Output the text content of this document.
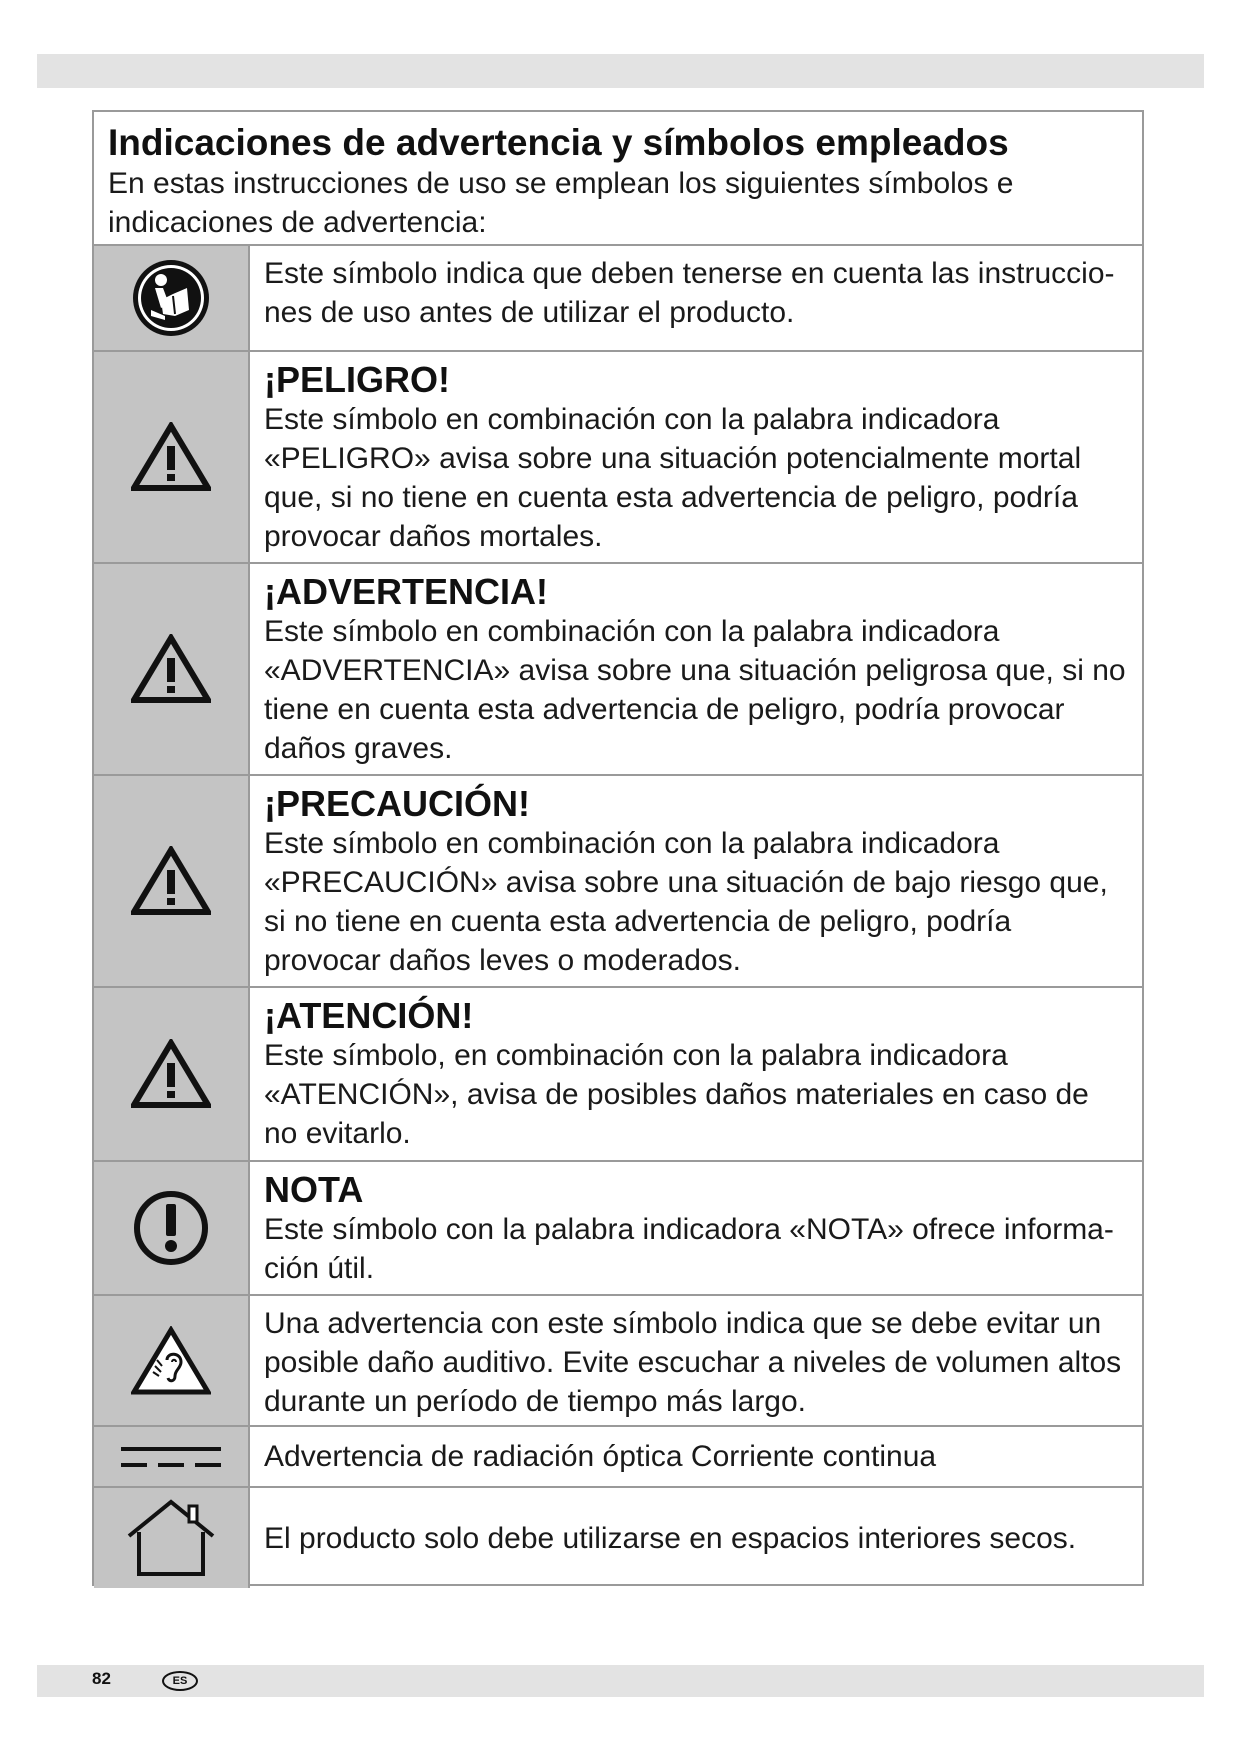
Indicaciones de advertencia y símbolos empleados

En estas instrucciones de uso se emplean los siguientes símbolos e indicaciones de advertencia:

Este símbolo indica que deben tenerse en cuenta las instruccio- nes de uso antes de utilizar el producto.
¡PELIGRO!
Este símbolo en combinación con la palabra indicadora «PELIGRO» avisa sobre una situación potencialmente mortal que, si no tiene en cuenta esta advertencia de peligro, podría provocar daños mortales.
¡ADVERTENCIA!
Este símbolo en combinación con la palabra indicadora «ADVERTENCIA» avisa sobre una situación peligrosa que, si no tiene en cuenta esta advertencia de peligro, podría provocar daños graves.
¡PRECAUCIÓN!
Este símbolo en combinación con la palabra indicadora «PRECAUCIÓN» avisa sobre una situación de bajo riesgo que, si no tiene en cuenta esta advertencia de peligro, podría provocar daños leves o moderados.
¡ATENCIÓN!
Este símbolo, en combinación con la palabra indicadora «ATENCIÓN», avisa de posibles daños materiales en caso de no evitarlo.
NOTA
Este símbolo con la palabra indicadora «NOTA» ofrece informa- ción útil.
Una advertencia con este símbolo indica que se debe evitar un posible daño auditivo. Evite escuchar a niveles de volumen altos durante un período de tiempo más largo.
Advertencia de radiación óptica Corriente continua
El producto solo debe utilizarse en espacios interiores secos.
82	ES
